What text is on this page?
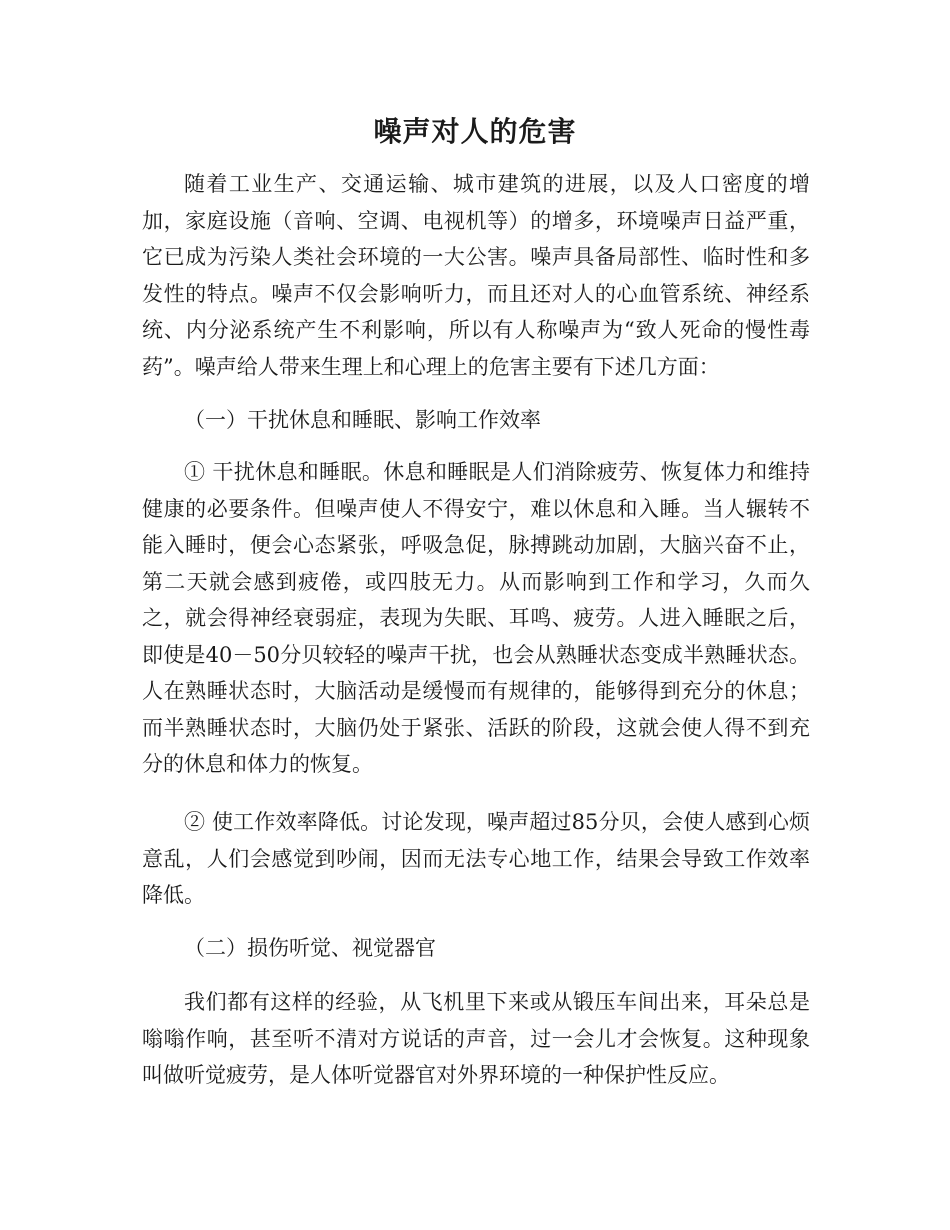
噪声对人的危害

随着工业生产、交通运输、城市建筑的进展，以及人口密度的增加，家庭设施（音响、空调、电视机等）的增多，环境噪声日益严重，它已成为污染人类社会环境的一大公害。噪声具备局部性、临时性和多发性的特点。噪声不仅会影响听力，而且还对人的心血管系统、神经系统、内分泌系统产生不利影响，所以有人称噪声为“致人死命的慢性毒药”。噪声给人带来生理上和心理上的危害主要有下述几方面：

（一）干扰休息和睡眠、影响工作效率

① 干扰休息和睡眠。休息和睡眠是人们消除疲劳、恢复体力和维持健康的必要条件。但噪声使人不得安宁，难以休息和入睡。当人辗转不能入睡时，便会心态紧张，呼吸急促，脉搏跳动加剧，大脑兴奋不止，第二天就会感到疲倦，或四肢无力。从而影响到工作和学习，久而久之，就会得神经衰弱症，表现为失眠、耳鸣、疲劳。人进入睡眠之后，即使是40－50分贝较轻的噪声干扰，也会从熟睡状态变成半熟睡状态。人在熟睡状态时，大脑活动是缓慢而有规律的，能够得到充分的休息；而半熟睡状态时，大脑仍处于紧张、活跃的阶段，这就会使人得不到充分的休息和体力的恢复。

② 使工作效率降低。讨论发现，噪声超过85分贝，会使人感到心烦意乱，人们会感觉到吵闹，因而无法专心地工作，结果会导致工作效率降低。

（二）损伤听觉、视觉器官

我们都有这样的经验，从飞机里下来或从锻压车间出来，耳朵总是嗡嗡作响，甚至听不清对方说话的声音，过一会儿才会恢复。这种现象叫做听觉疲劳，是人体听觉器官对外界环境的一种保护性反应。
